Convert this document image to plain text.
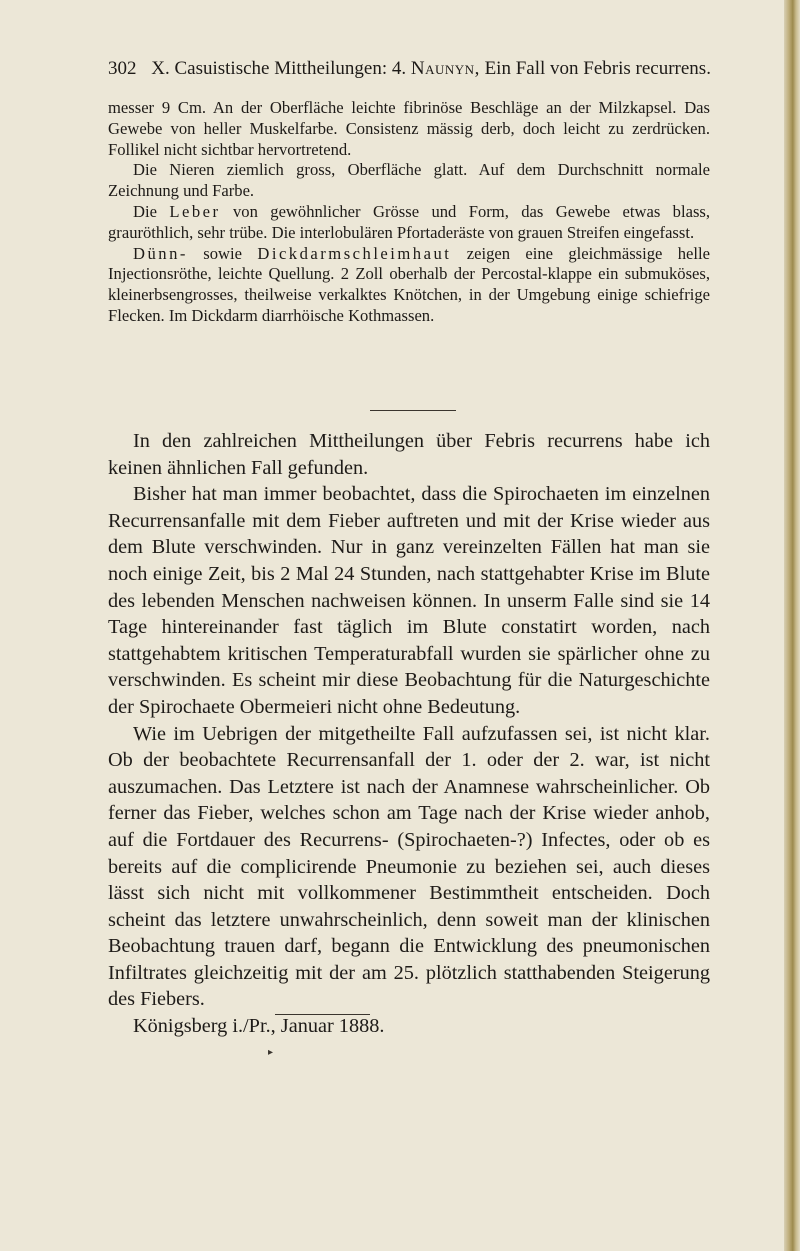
302 X. Casuistische Mittheilungen: 4. Naunyn, Ein Fall von Febris recurrens.

messer 9 Cm. An der Oberfläche leichte fibrinöse Beschläge an der Milzkapsel. Das Gewebe von heller Muskelfarbe. Consistenz mässig derb, doch leicht zu zerdrücken. Follikel nicht sichtbar hervortretend.

Die Nieren ziemlich gross, Oberfläche glatt. Auf dem Durchschnitt normale Zeichnung und Farbe.

Die Leber von gewöhnlicher Grösse und Form, das Gewebe etwas blass, grauröthlich, sehr trübe. Die interlobulären Pfortaderäste von grauen Streifen eingefasst.

Dünn- sowie Dickdarmschleimhaut zeigen eine gleichmässige helle Injectionsröthe, leichte Quellung. 2 Zoll oberhalb der Percostal-klappe ein submuköses, kleinerbsengrosses, theilweise verkalktes Knötchen, in der Umgebung einige schiefrige Flecken. Im Dickdarm diarrhöische Kothmassen.

In den zahlreichen Mittheilungen über Febris recurrens habe ich keinen ähnlichen Fall gefunden.

Bisher hat man immer beobachtet, dass die Spirochaeten im einzelnen Recurrensanfalle mit dem Fieber auftreten und mit der Krise wieder aus dem Blute verschwinden. Nur in ganz vereinzelten Fällen hat man sie noch einige Zeit, bis 2 Mal 24 Stunden, nach stattgehabter Krise im Blute des lebenden Menschen nachweisen können. In unserm Falle sind sie 14 Tage hintereinander fast täglich im Blute constatirt worden, nach stattgehabtem kritischen Temperaturabfall wurden sie spärlicher ohne zu verschwinden. Es scheint mir diese Beobachtung für die Naturgeschichte der Spirochaete Obermeieri nicht ohne Bedeutung.

Wie im Uebrigen der mitgetheilte Fall aufzufassen sei, ist nicht klar. Ob der beobachtete Recurrensanfall der 1. oder der 2. war, ist nicht auszumachen. Das Letztere ist nach der Anamnese wahrscheinlicher. Ob ferner das Fieber, welches schon am Tage nach der Krise wieder anhob, auf die Fortdauer des Recurrens- (Spirochaeten-?) Infectes, oder ob es bereits auf die complicirende Pneumonie zu beziehen sei, auch dieses lässt sich nicht mit vollkommener Bestimmtheit entscheiden. Doch scheint das letztere unwahrscheinlich, denn soweit man der klinischen Beobachtung trauen darf, begann die Entwicklung des pneumonischen Infiltrates gleichzeitig mit der am 25. plötzlich statthabenden Steigerung des Fiebers.

Königsberg i./Pr., Januar 1888.

▸
